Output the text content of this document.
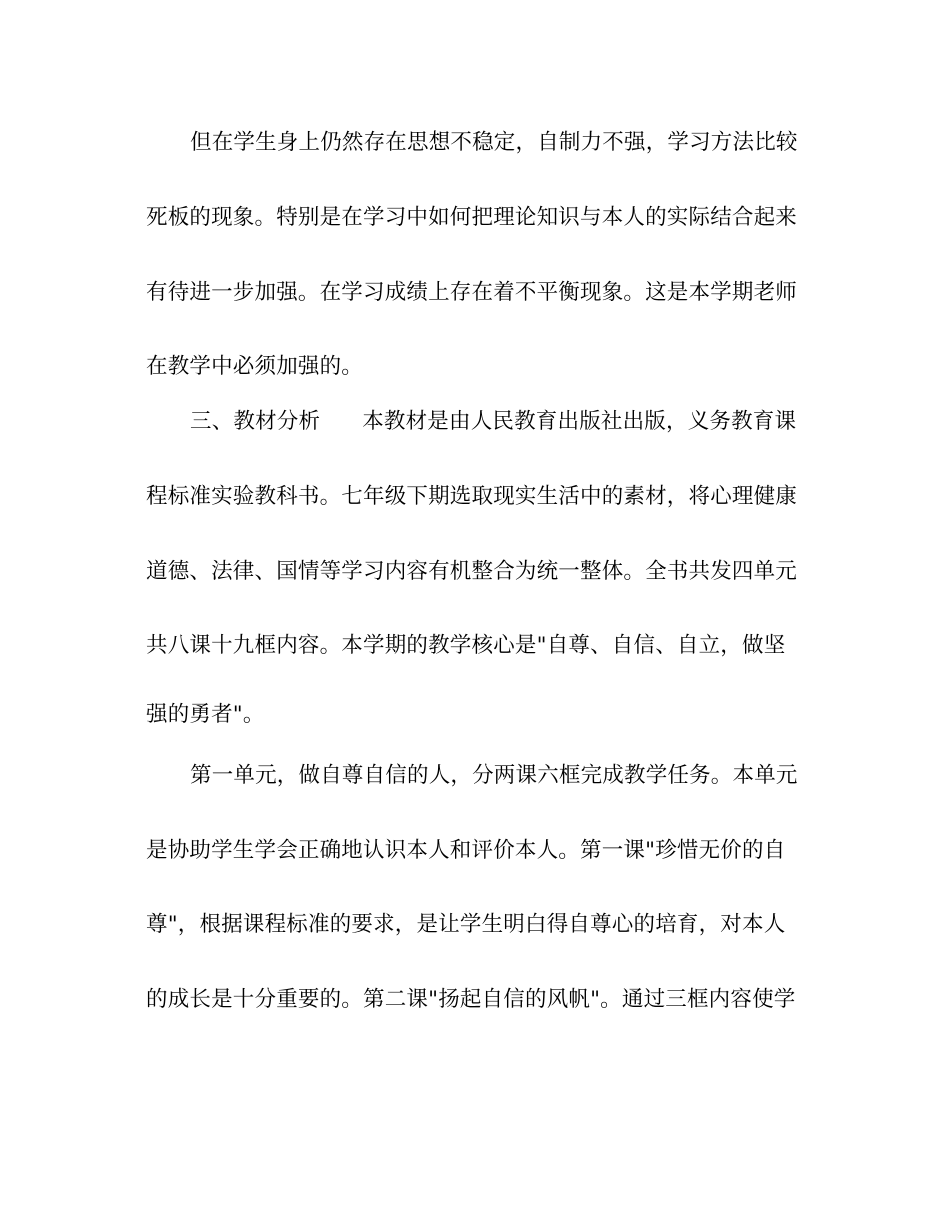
但在学生身上仍然存在思想不稳定，自制力不强，学习方法比较
死板的现象。特别是在学习中如何把理论知识与本人的实际结合起来
有待进一步加强。在学习成绩上存在着不平衡现象。这是本学期老师
在教学中必须加强的。
三、教材分析 本教材是由人民教育出版社出版，义务教育课
程标准实验教科书。七年级下期选取现实生活中的素材，将心理健康
道德、法律、国情等学习内容有机整合为统一整体。全书共发四单元
共八课十九框内容。本学期的教学核心是"自尊、自信、自立，做坚
强的勇者"。
第一单元，做自尊自信的人，分两课六框完成教学任务。本单元
是协助学生学会正确地认识本人和评价本人。第一课"珍惜无价的自
尊"，根据课程标准的要求，是让学生明白得自尊心的培育，对本人
的成长是十分重要的。第二课"扬起自信的风帆"。通过三框内容使学
